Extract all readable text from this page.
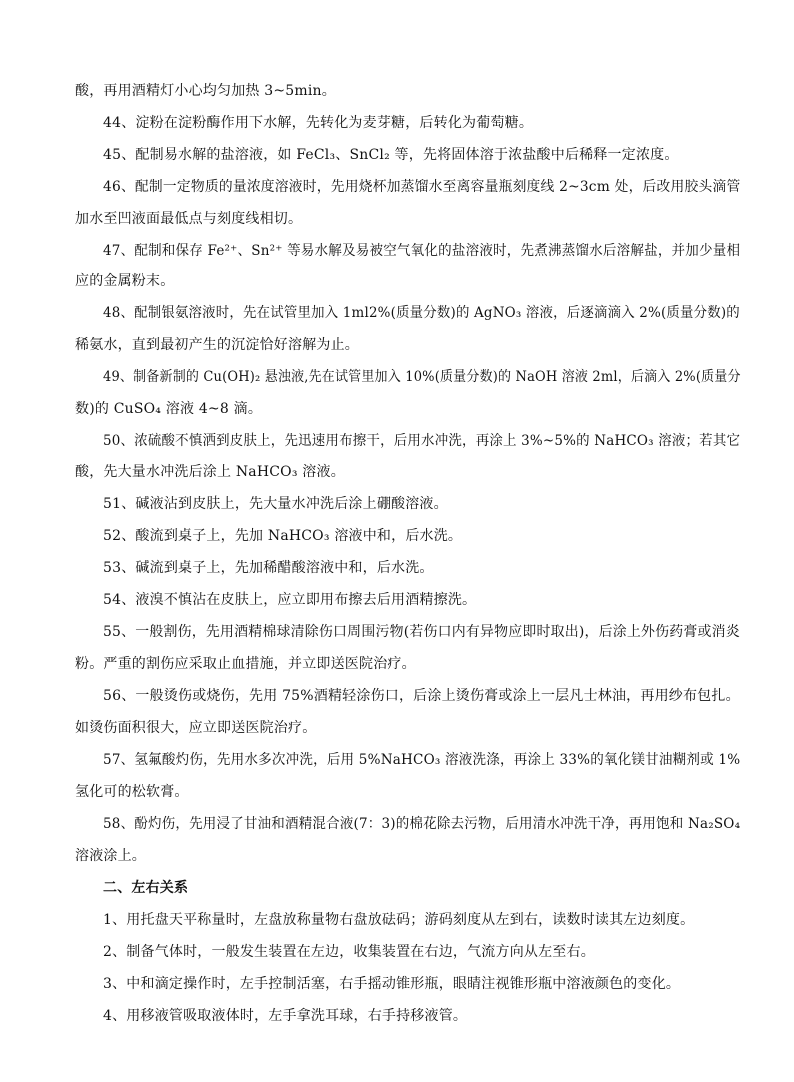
酸，再用酒精灯小心均匀加热 3~5min。
44、淀粉在淀粉酶作用下水解，先转化为麦芽糖，后转化为葡萄糖。
45、配制易水解的盐溶液，如 FeCl₃、SnCl₂ 等，先将固体溶于浓盐酸中后稀释一定浓度。
46、配制一定物质的量浓度溶液时，先用烧杯加蒸馏水至离容量瓶刻度线 2~3cm 处，后改用胶头滴管
加水至凹液面最低点与刻度线相切。
47、配制和保存 Fe²⁺、Sn²⁺ 等易水解及易被空气氧化的盐溶液时，先煮沸蒸馏水后溶解盐，并加少量相
应的金属粉末。
48、配制银氨溶液时，先在试管里加入 1ml2%(质量分数)的 AgNO₃ 溶液，后逐滴滴入 2%(质量分数)的
稀氨水，直到最初产生的沉淀恰好溶解为止。
49、制备新制的 Cu(OH)₂ 悬浊液,先在试管里加入 10%(质量分数)的 NaOH 溶液 2ml，后滴入 2%(质量分
数)的 CuSO₄ 溶液 4~8 滴。
50、浓硫酸不慎洒到皮肤上，先迅速用布擦干，后用水冲洗，再涂上 3%~5%的 NaHCO₃ 溶液；若其它
酸，先大量水冲洗后涂上 NaHCO₃ 溶液。
51、碱液沾到皮肤上，先大量水冲洗后涂上硼酸溶液。
52、酸流到桌子上，先加 NaHCO₃ 溶液中和，后水洗。
53、碱流到桌子上，先加稀醋酸溶液中和，后水洗。
54、液溴不慎沾在皮肤上，应立即用布擦去后用酒精擦洗。
55、一般割伤，先用酒精棉球清除伤口周围污物(若伤口内有异物应即时取出)，后涂上外伤药膏或消炎
粉。严重的割伤应采取止血措施，并立即送医院治疗。
56、一般烫伤或烧伤，先用 75%酒精轻涂伤口，后涂上烫伤膏或涂上一层凡士林油，再用纱布包扎。
如烫伤面积很大，应立即送医院治疗。
57、氢氟酸灼伤，先用水多次冲洗，后用 5%NaHCO₃ 溶液洗涤，再涂上 33%的氧化镁甘油糊剂或 1%
氢化可的松软膏。
58、酚灼伤，先用浸了甘油和酒精混合液(7：3)的棉花除去污物，后用清水冲洗干净，再用饱和 Na₂SO₄
溶液涂上。
二、左右关系
1、用托盘天平称量时，左盘放称量物右盘放砝码；游码刻度从左到右，读数时读其左边刻度。
2、制备气体时，一般发生装置在左边，收集装置在右边，气流方向从左至右。
3、中和滴定操作时，左手控制活塞，右手摇动锥形瓶，眼睛注视锥形瓶中溶液颜色的变化。
4、用移液管吸取液体时，左手拿洗耳球，右手持移液管。
